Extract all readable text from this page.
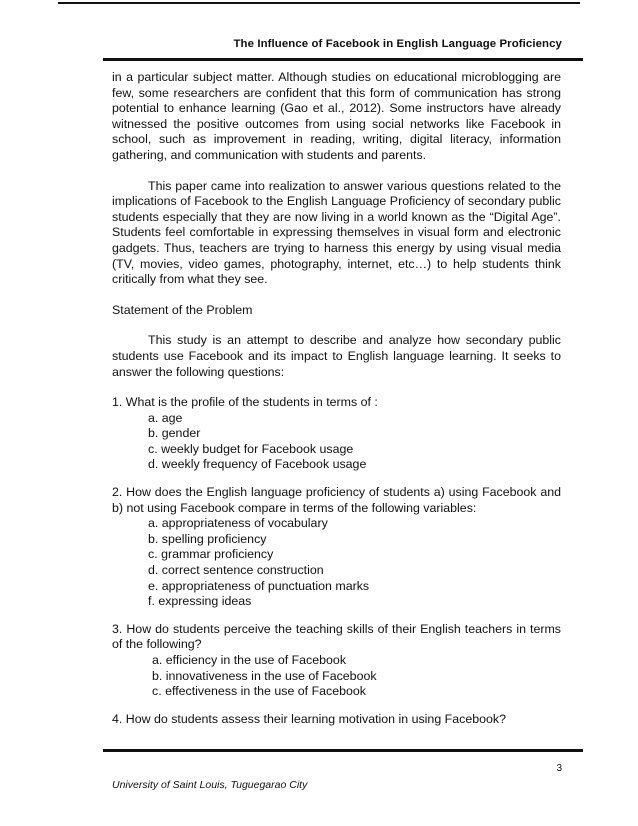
The Influence of Facebook in English Language Proficiency

in a particular subject matter. Although studies on educational microblogging are few, some researchers are confident that this form of communication has strong potential to enhance learning (Gao et al., 2012). Some instructors have already witnessed the positive outcomes from using social networks like Facebook in school, such as improvement in reading, writing, digital literacy, information gathering, and communication with students and parents.

This paper came into realization to answer various questions related to the implications of Facebook to the English Language Proficiency of secondary public students especially that they are now living in a world known as the “Digital Age”. Students feel comfortable in expressing themselves in visual form and electronic gadgets. Thus, teachers are trying to harness this energy by using visual media (TV, movies, video games, photography, internet, etc…) to help students think critically from what they see.

Statement of the Problem

This study is an attempt to describe and analyze how secondary public students use Facebook and its impact to English language learning. It seeks to answer the following questions:

1. What is the profile of the students in terms of :

a. age

b. gender

c. weekly budget for Facebook usage

d. weekly frequency of Facebook usage

2. How does the English language proficiency of students a) using Facebook and b) not using Facebook compare in terms of the following variables:

a. appropriateness of vocabulary

b. spelling proficiency

c. grammar proficiency

d. correct sentence construction

e. appropriateness of punctuation marks

f. expressing ideas

3. How do students perceive the teaching skills of their English teachers in terms of the following?

a. efficiency in the use of Facebook

b. innovativeness in the use of Facebook

c. effectiveness in the use of Facebook

4. How do students assess their learning motivation in using Facebook?

3
University of Saint Louis, Tuguegarao City
